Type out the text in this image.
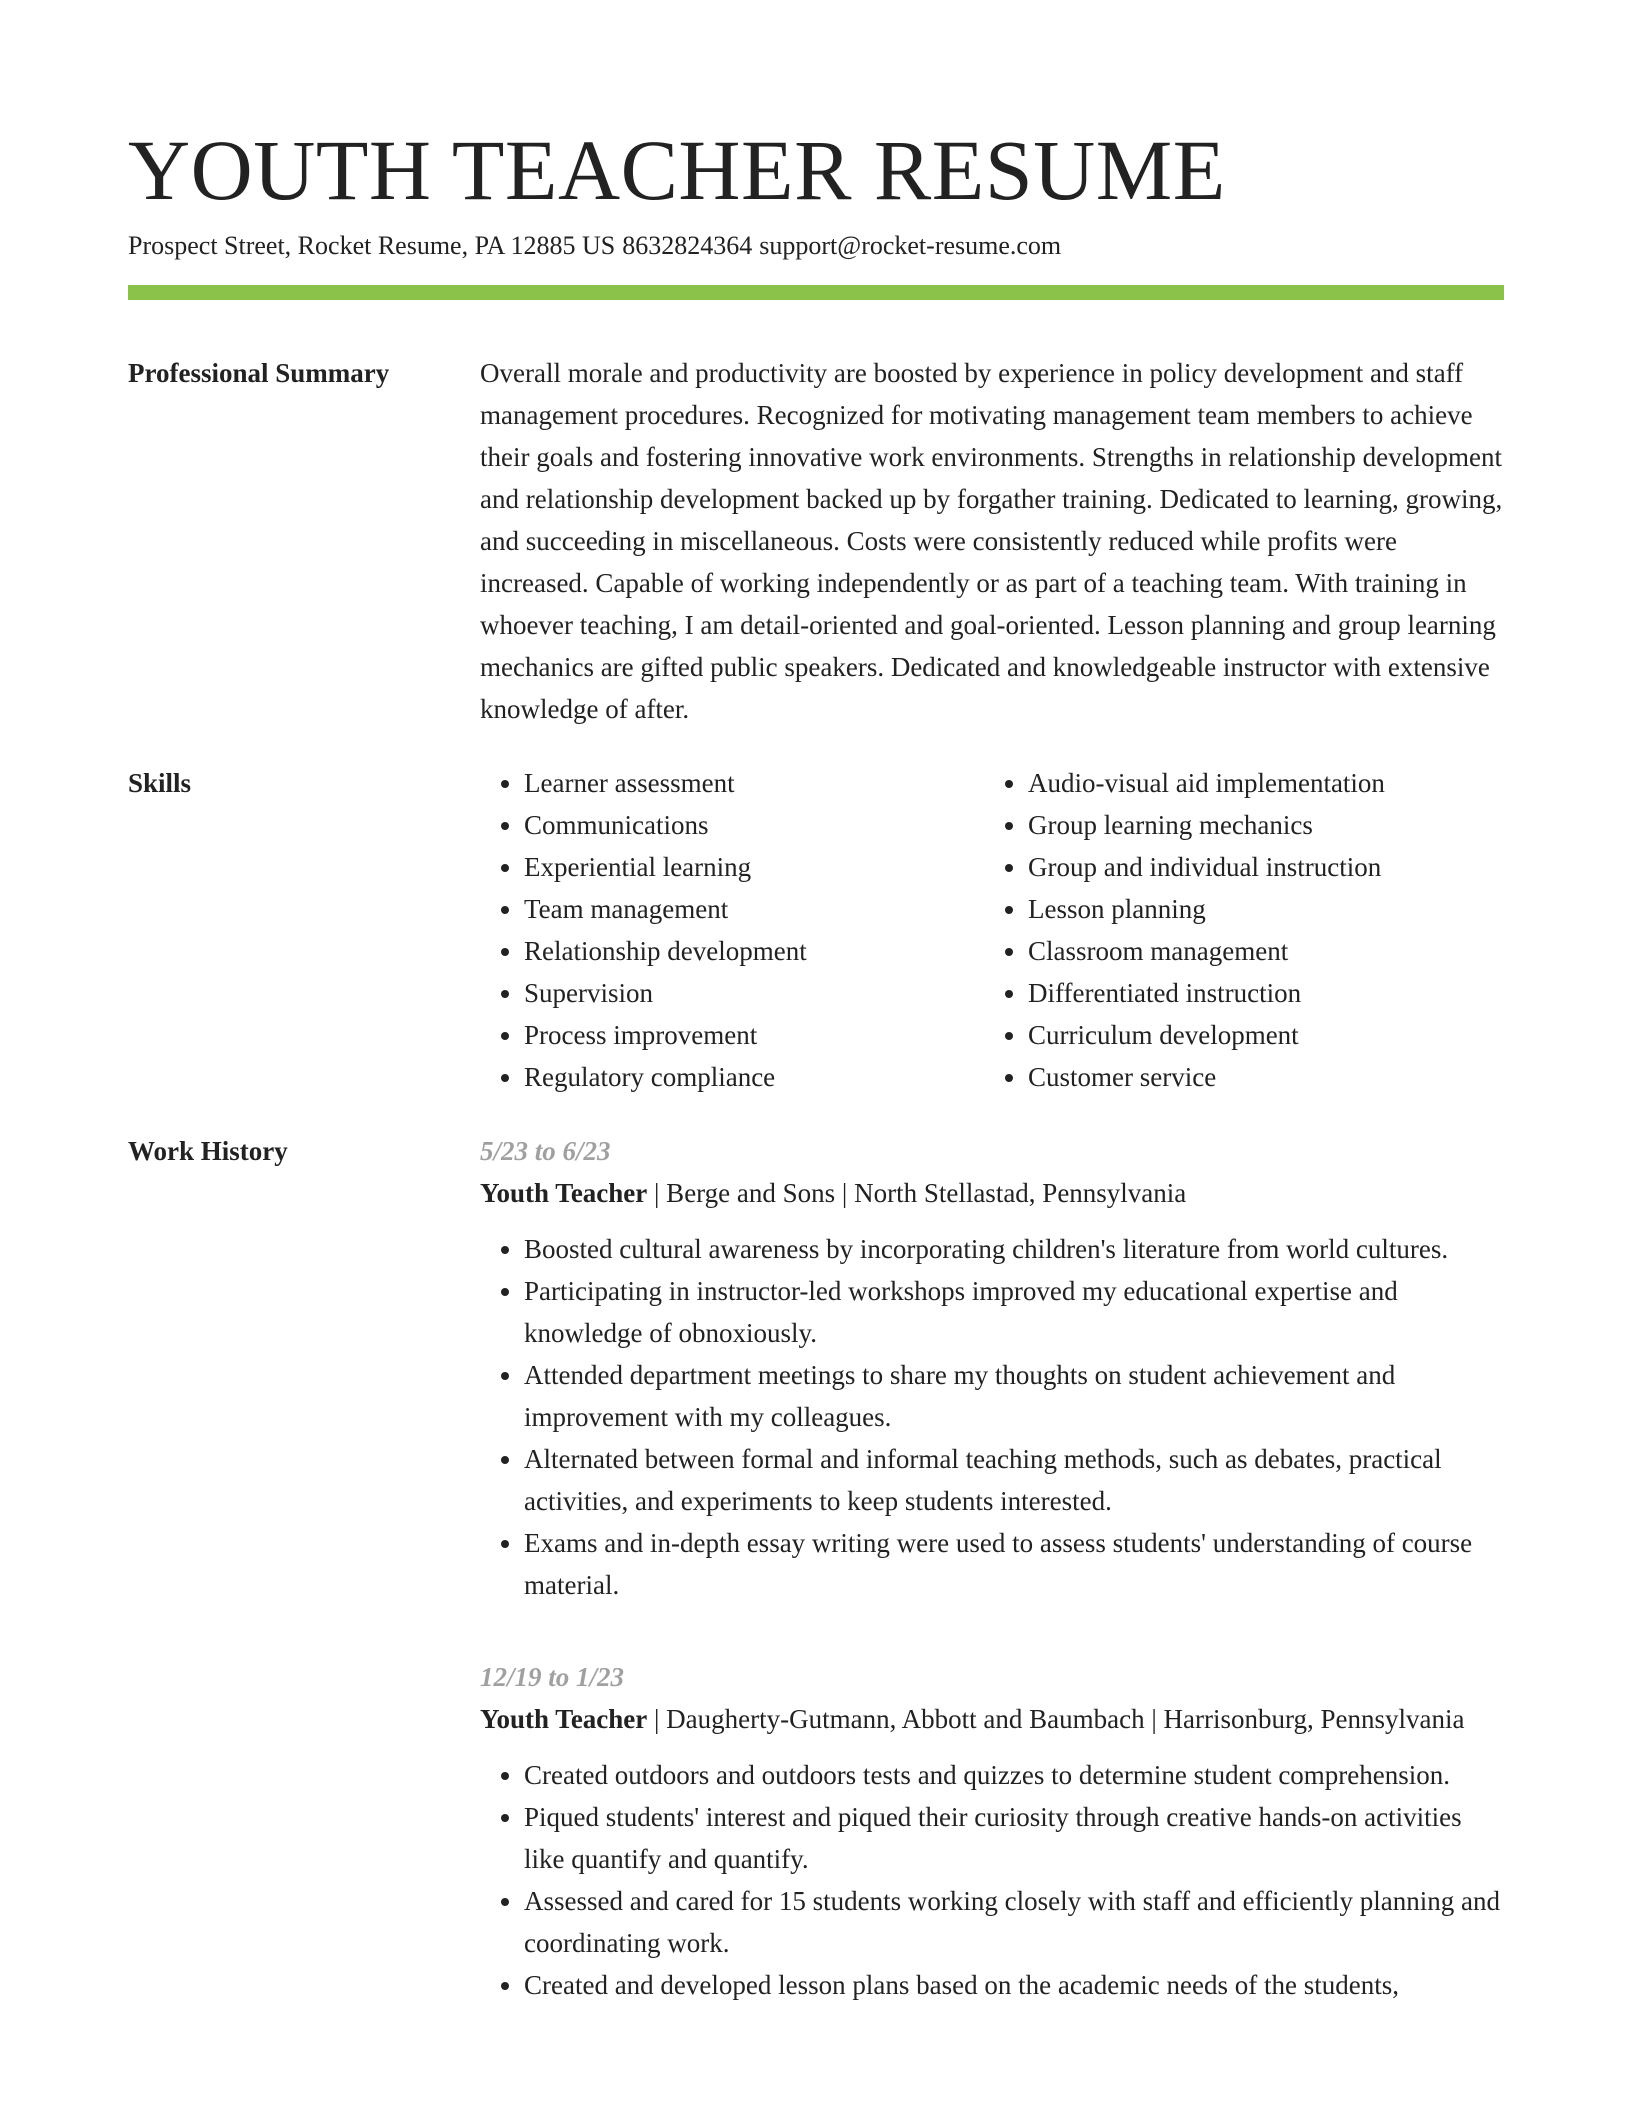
YOUTH TEACHER RESUME
Prospect Street, Rocket Resume, PA 12885 US 8632824364 support@rocket-resume.com
Professional Summary	Overall morale and productivity are boosted by experience in policy development and staff management procedures. Recognized for motivating management team members to achieve their goals and fostering innovative work environments. Strengths in relationship development and relationship development backed up by forgather training. Dedicated to learning, growing, and succeeding in miscellaneous. Costs were consistently reduced while profits were increased. Capable of working independently or as part of a teaching team. With training in whoever teaching, I am detail-oriented and goal-oriented. Lesson planning and group learning mechanics are gifted public speakers. Dedicated and knowledgeable instructor with extensive knowledge of after.

Skills
•	Learner assessment
• Communications
• Experiential learning
• Team management
• Relationship development
• Supervision
• Process improvement
• Regulatory compliance
• Audio-visual aid implementation
• Group learning mechanics
• Group and individual instruction
• Lesson planning
• Classroom management
• Differentiated instruction
• Curriculum development
• Customer service
Work History	5/23 to 6/23
Youth Teacher | Berge and Sons | North Stellastad, Pennsylvania
• Boosted cultural awareness by incorporating children's literature from world cultures.
• Participating in instructor-led workshops improved my educational expertise and knowledge of obnoxiously.
• Attended department meetings to share my thoughts on student achievement and improvement with my colleagues.
• Alternated between formal and informal teaching methods, such as debates, practical activities, and experiments to keep students interested.
• Exams and in-depth essay writing were used to assess students' understanding of course material.
12/19 to 1/23
Youth Teacher | Daugherty-Gutmann, Abbott and Baumbach | Harrisonburg, Pennsylvania
• Created outdoors and outdoors tests and quizzes to determine student comprehension.
• Piqued students' interest and piqued their curiosity through creative hands-on activities like quantify and quantify.
• Assessed and cared for 15 students working closely with staff and efficiently planning and coordinating work.
• Created and developed lesson plans based on the academic needs of the students,
